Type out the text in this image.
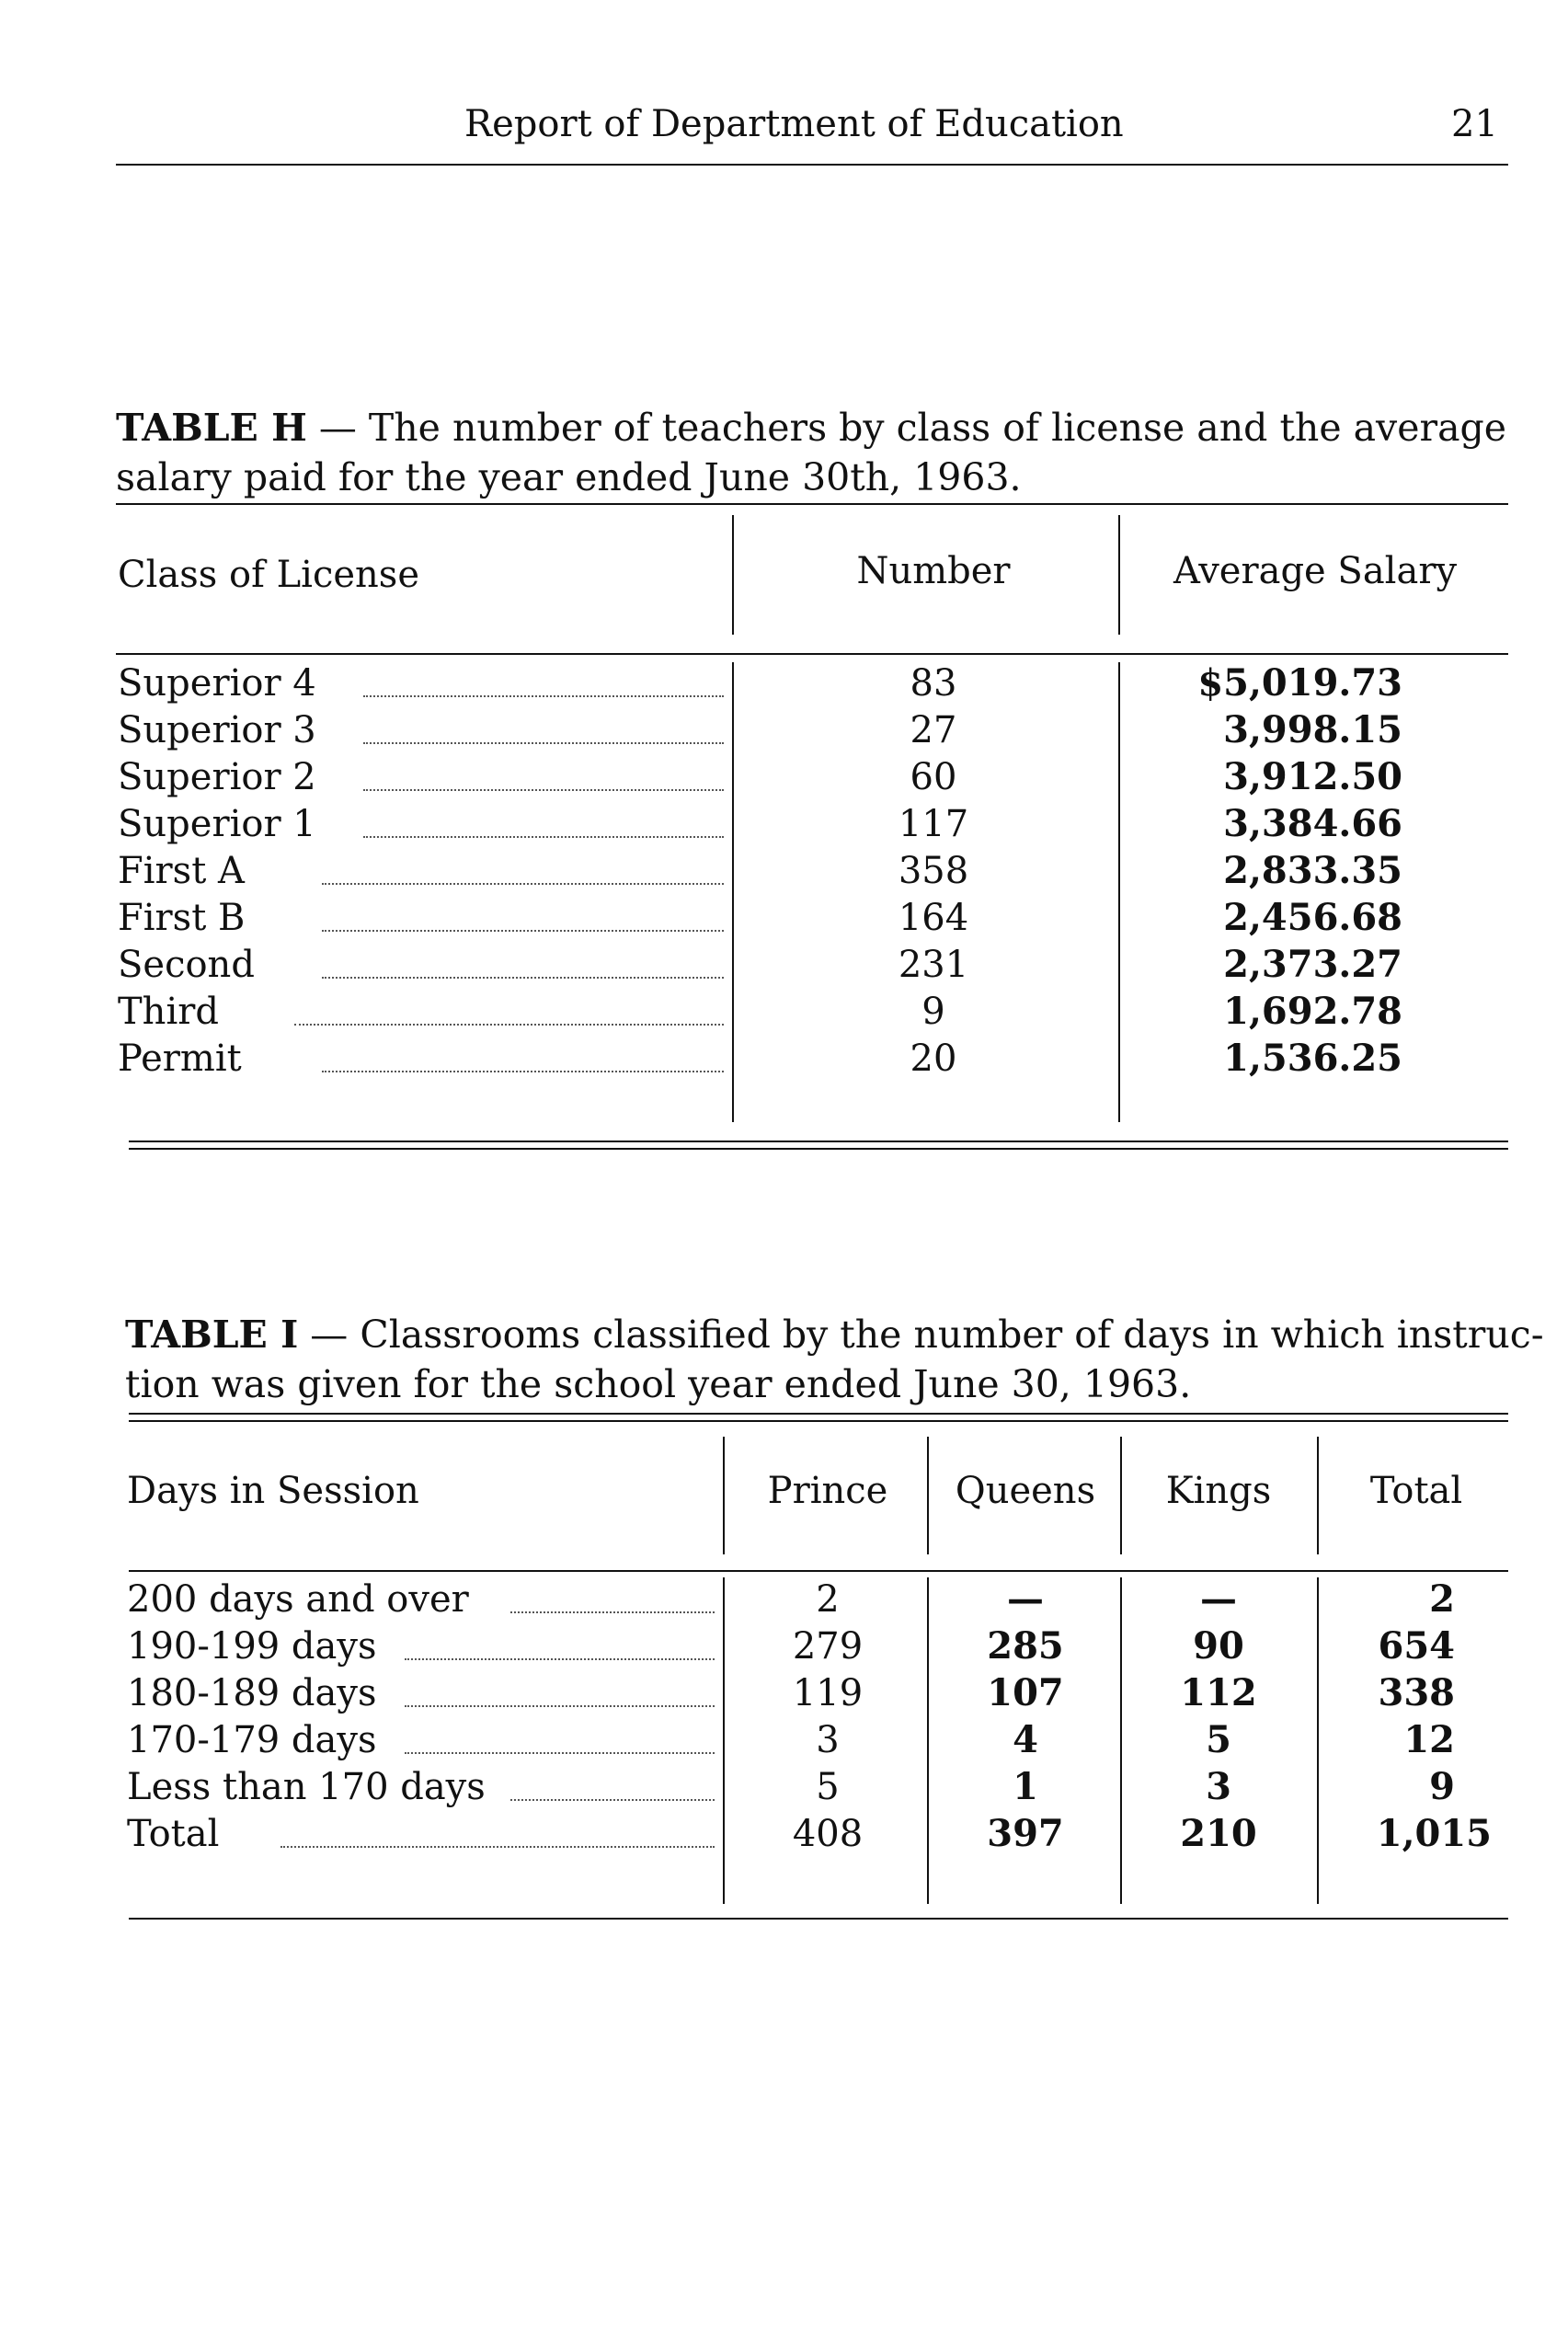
Report of Department of Education	21
TABLE H — The number of teachers by class of license and the average
salary paid for the year ended June 30th, 1963.
Class of License	Number	Average Salary
Superior 4	83	$5,019.73
Superior 3	27	3,998.15
Superior 2	60	3,912.50
Superior 1	117	3,384.66
First A	358	2,833.35
First B	164	2,456.68
Second	231	2,373.27
Third	9	1,692.78
Permit	20	1,536.25
TABLE I — Classrooms classified by the number of days in which instruc-
tion was given for the school year ended June 30, 1963.
Days in Session	Prince	Queens	Kings	Total
200 days and over	2	—	—	2
190-199 days	279	285	90	654
180-189 days	119	107	112	338
170-179 days	3	4	5	12
Less than 170 days	5	1	3	9
Total	408	397	210	1,015
